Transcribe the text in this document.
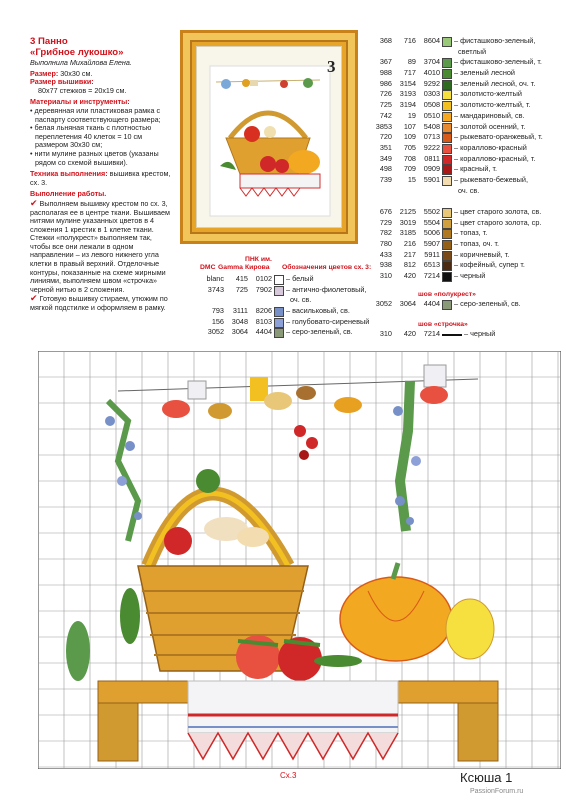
3 Панно
«Грибное лукошко»
Выполнила Михайлова Елена.

Размер: 30x30 см.

Размер вышивки:

80x77 стежков = 20x19 см.

Материалы и инструменты:

• деревянная или пластиковая рамка с паспарту соответствующего размера;

• белая льняная ткань с плотностью переплетения 40 клеток = 10 см размером 30x30 см;

• нити мулине разных цветов (указаны рядом со схемой вышивки).

Техника выполнения: вышивка крестом, сх. 3.

Выполнение работы.

✔ Выполняем вышивку крестом по сх. 3, располагая ее в центре ткани. Вышиваем нитями мулине указанных цветов в 4 сложения 1 крестик в 1 клетке ткани. Стежки «полукрест» выполняем так, чтобы все они лежали в одном направлении – из левого нижнего угла клетки в правый верхний. Отделочные контуры, показанные на схеме жирными линиями, выполняем швом «строчка» черной нитью в 2 сложения.

✔ Готовую вышивку стираем, утюжим по мягкой подстилке и оформляем в рамку.

3
DMC Gamma
ПНК им. Кирова	Обозначения цветов сх. 3:
blanc	415	0102 – белый
3743	725	7902 – антично-фиолетовый,
оч. св.
793	3111	8206 – васильковый, св.
156	3048	8103 – голубовато-сиреневый
3052	3064	4404 – серо-зеленый, св.
368	716	8604 – фисташково-зеленый,
светлый
367	89	3704 – фисташково-зеленый, т.
988	717	4010 – зеленый лесной
986	3154	9292 – зеленый лесной, оч. т.
726	3193	0303 – золотисто-желтый
725	3194	0508 – золотисто-желтый, т.
742	19	0510 – мандариновый, св.
3853	107	5408 – золотой осенний, т.
720	109	0713 – рыжевато-оранжевый, т.
351	705	9222 – кораллово-красный
349	708	0811 – кораллово-красный, т.
498	709	0909 – красный, т.
739	15	5901 – рыжевато-бежевый,
оч. св.
676	2125	5502 – цвет старого золота, св.
729	3019	5504 – цвет старого золота, ср.
782	3185	5006 – топаз, т.
780	216	5907 – топаз, оч. т.
433	217	5911 – коричневый, т.
938	812	6513 – кофейный, супер т.
310	420	7214 – черный
шов «полукрест»
3052	3064	4404 – серо-зеленый, св.
шов «строчка»
310	420	7214	– черный
Сх.3	Ксюша 1
PassionForum.ru
